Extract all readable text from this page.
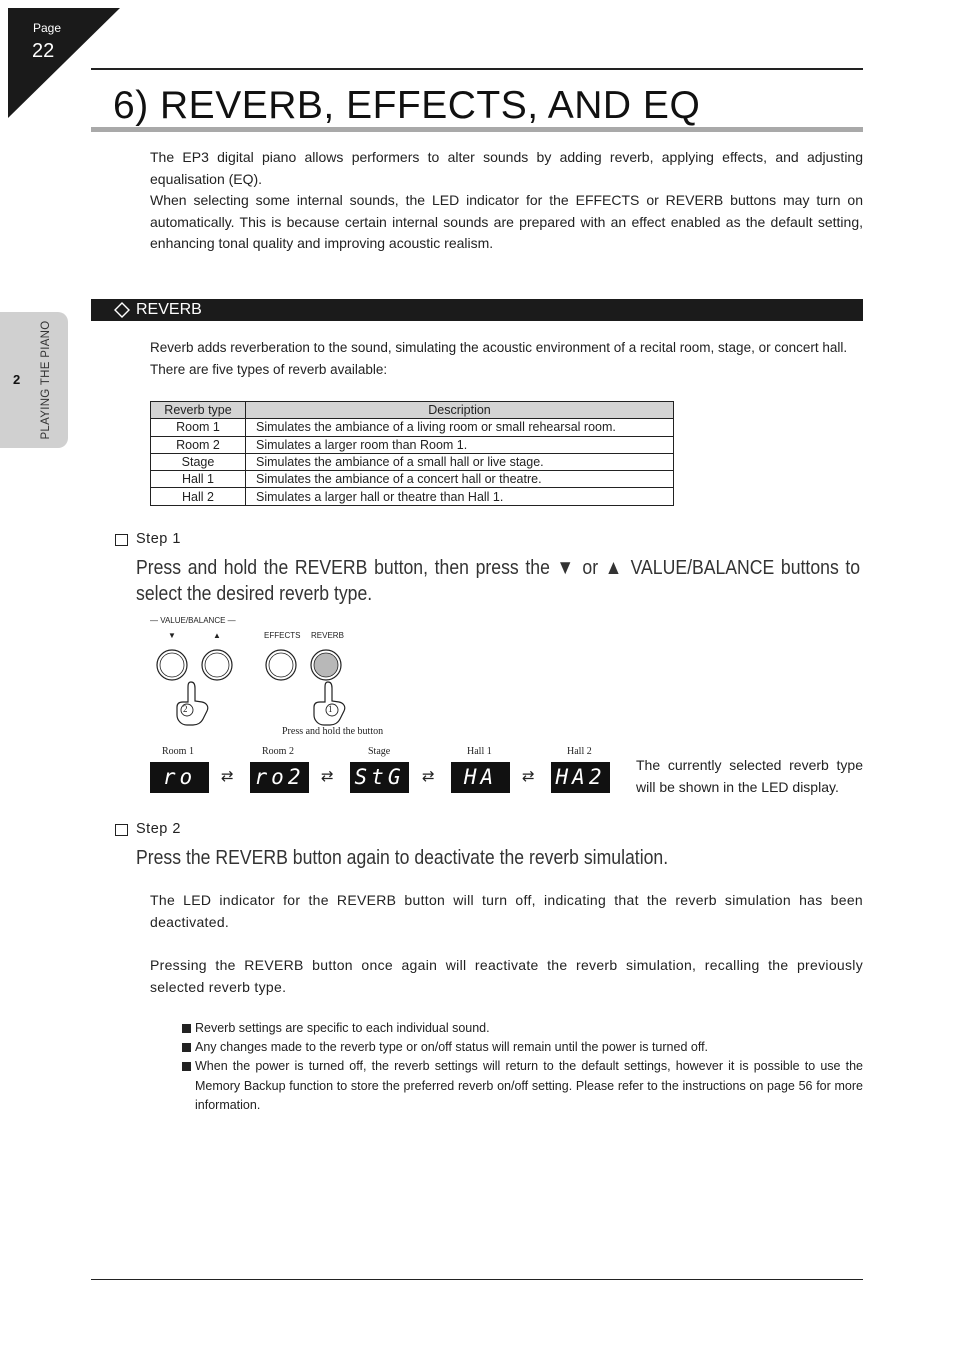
Page
22
6) REVERB, EFFECTS, AND EQ

The EP3 digital piano allows performers to alter sounds by adding reverb, applying effects, and adjusting equalisation (EQ).

When selecting some internal sounds, the LED indicator for the EFFECTS or REVERB buttons may turn on automatically. This is because certain internal sounds are prepared with an effect enabled as the default setting, enhancing tonal quality and improving acoustic realism.

2 PLAYING THE PIANO
REVERB

Reverb adds reverberation to the sound, simulating the acoustic environment of a recital room, stage, or concert hall.

There are five types of reverb available:

Reverb type	Description
Room 1	Simulates the ambiance of a living room or small rehearsal room.
Room 2	Simulates a larger room than Room 1.
Stage	Simulates the ambiance of a small hall or live stage.
Hall 1	Simulates the ambiance of a concert hall or theatre.
Hall 2	Simulates a larger hall or theatre than Hall 1.
Step 1
Press and hold the REVERB button, then press the ▼ or ▲ VALUE/BALANCE buttons to select the desired reverb type.
— VALUE/BALANCE —
▼	▲	EFFECTS REVERB
2	1
Press and hold the button
Room 1	Room 2	Stage	Hall 1	Hall 2
ro 1
⇄ ro2	⇄ StG	⇄	HA 1
⇄ HA2	The currently selected reverb type will be shown in the LED display.
Step 2
Press the REVERB button again to deactivate the reverb simulation.
The LED indicator for the REVERB button will turn off, indicating that the reverb simulation has been deactivated.
Pressing the REVERB button once again will reactivate the reverb simulation, recalling the previously selected reverb type.
Reverb settings are specific to each individual sound.
Any changes made to the reverb type or on/off status will remain until the power is turned off.
When the power is turned off, the reverb settings will return to the default settings, however it is possible to use the Memory Backup function to store the preferred reverb on/off setting. Please refer to the instructions on page 56 for more information.
